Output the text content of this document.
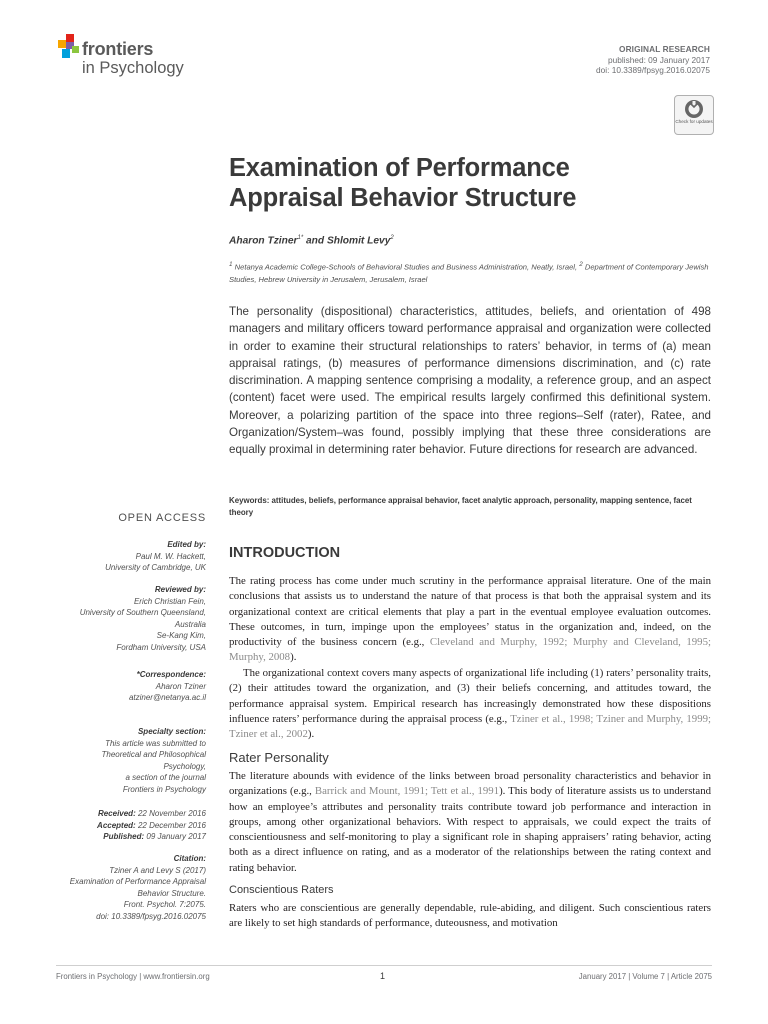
frontiers
in Psychology
ORIGINAL RESEARCH
published: 09 January 2017
doi: 10.3389/fpsyg.2016.02075
Check for updates
Examination of Performance
Appraisal Behavior Structure
Aharon Tziner$^{1*}$ and Shlomit Levy$^2$
$^1$ Netanya Academic College-Schools of Behavioral Studies and Business Administration, Neatly, Israel, $^2$ Department of Contemporary Jewish Studies, Hebrew University in Jerusalem, Jerusalem, Israel
The personality (dispositional) characteristics, attitudes, beliefs, and orientation of 498 managers and military officers toward performance appraisal and organization were collected in order to examine their structural relationships to raters’ behavior, in terms of (a) mean appraisal ratings, (b) measures of performance dimensions discrimination, and (c) rate discrimination. A mapping sentence comprising a modality, a reference group, and an aspect (content) facet were used. The empirical results largely confirmed this definitional system. Moreover, a polarizing partition of the space into three regions–Self (rater), Ratee, and Organization/System–was found, possibly implying that these three considerations are equally proximal in determining rater behavior. Future directions for research are advanced.
Keywords: attitudes, beliefs, performance appraisal behavior, facet analytic approach, personality, mapping sentence, facet theory
OPEN ACCESS
Edited by:
Paul M. W. Hackett,
University of Cambridge, UK
Reviewed by:
Erich Christian Fein,
University of Southern Queensland,
Australia
Se-Kang Kim,
Fordham University, USA
*Correspondence:
Aharon Tziner
atziner@netanya.ac.il
Specialty section:
This article was submitted to
Theoretical and Philosophical
Psychology,
a section of the journal
Frontiers in Psychology
Received: 22 November 2016
Accepted: 22 December 2016
Published: 09 January 2017
Citation:
Tziner A and Levy S (2017)
Examination of Performance Appraisal
Behavior Structure.
Front. Psychol. 7:2075.
doi: 10.3389/fpsyg.2016.02075
INTRODUCTION
The rating process has come under much scrutiny in the performance appraisal literature. One of the main conclusions that assists us to understand the nature of that process is that both the appraisal system and its organizational context are critical elements that play a part in the eventual employee evaluation outcomes. These outcomes, in turn, impinge upon the employees’ status in the organization and, indeed, on the productivity of the business concern (e.g., Cleveland and Murphy, 1992; Murphy and Cleveland, 1995; Murphy, 2008).
The organizational context covers many aspects of organizational life including (1) raters’ personality traits, (2) their attitudes toward the organization, and (3) their beliefs concerning, and attitudes toward, the performance appraisal system. Empirical research has increasingly demonstrated how these dispositions influence raters’ performance during the appraisal process (e.g., Tziner et al., 1998; Tziner and Murphy, 1999; Tziner et al., 2002).
Rater Personality
The literature abounds with evidence of the links between broad personality characteristics and behavior in organizations (e.g., Barrick and Mount, 1991; Tett et al., 1991). This body of literature assists us to understand how an employee’s attributes and personality traits contribute toward job performance and interaction in groups, among other organizational behaviors. With respect to appraisals, we could expect the traits of conscientiousness and self-monitoring to play a significant role in shaping appraisers’ rating behavior, acting both as a direct influence on rating, and as a moderator of the relationships between the rating context and rating behavior.
Conscientious Raters
Raters who are conscientious are generally dependable, rule-abiding, and diligent. Such conscientious raters are likely to set high standards of performance, duteousness, and motivation
Frontiers in Psychology | www.frontiersin.org	1	January 2017 | Volume 7 | Article 2075
